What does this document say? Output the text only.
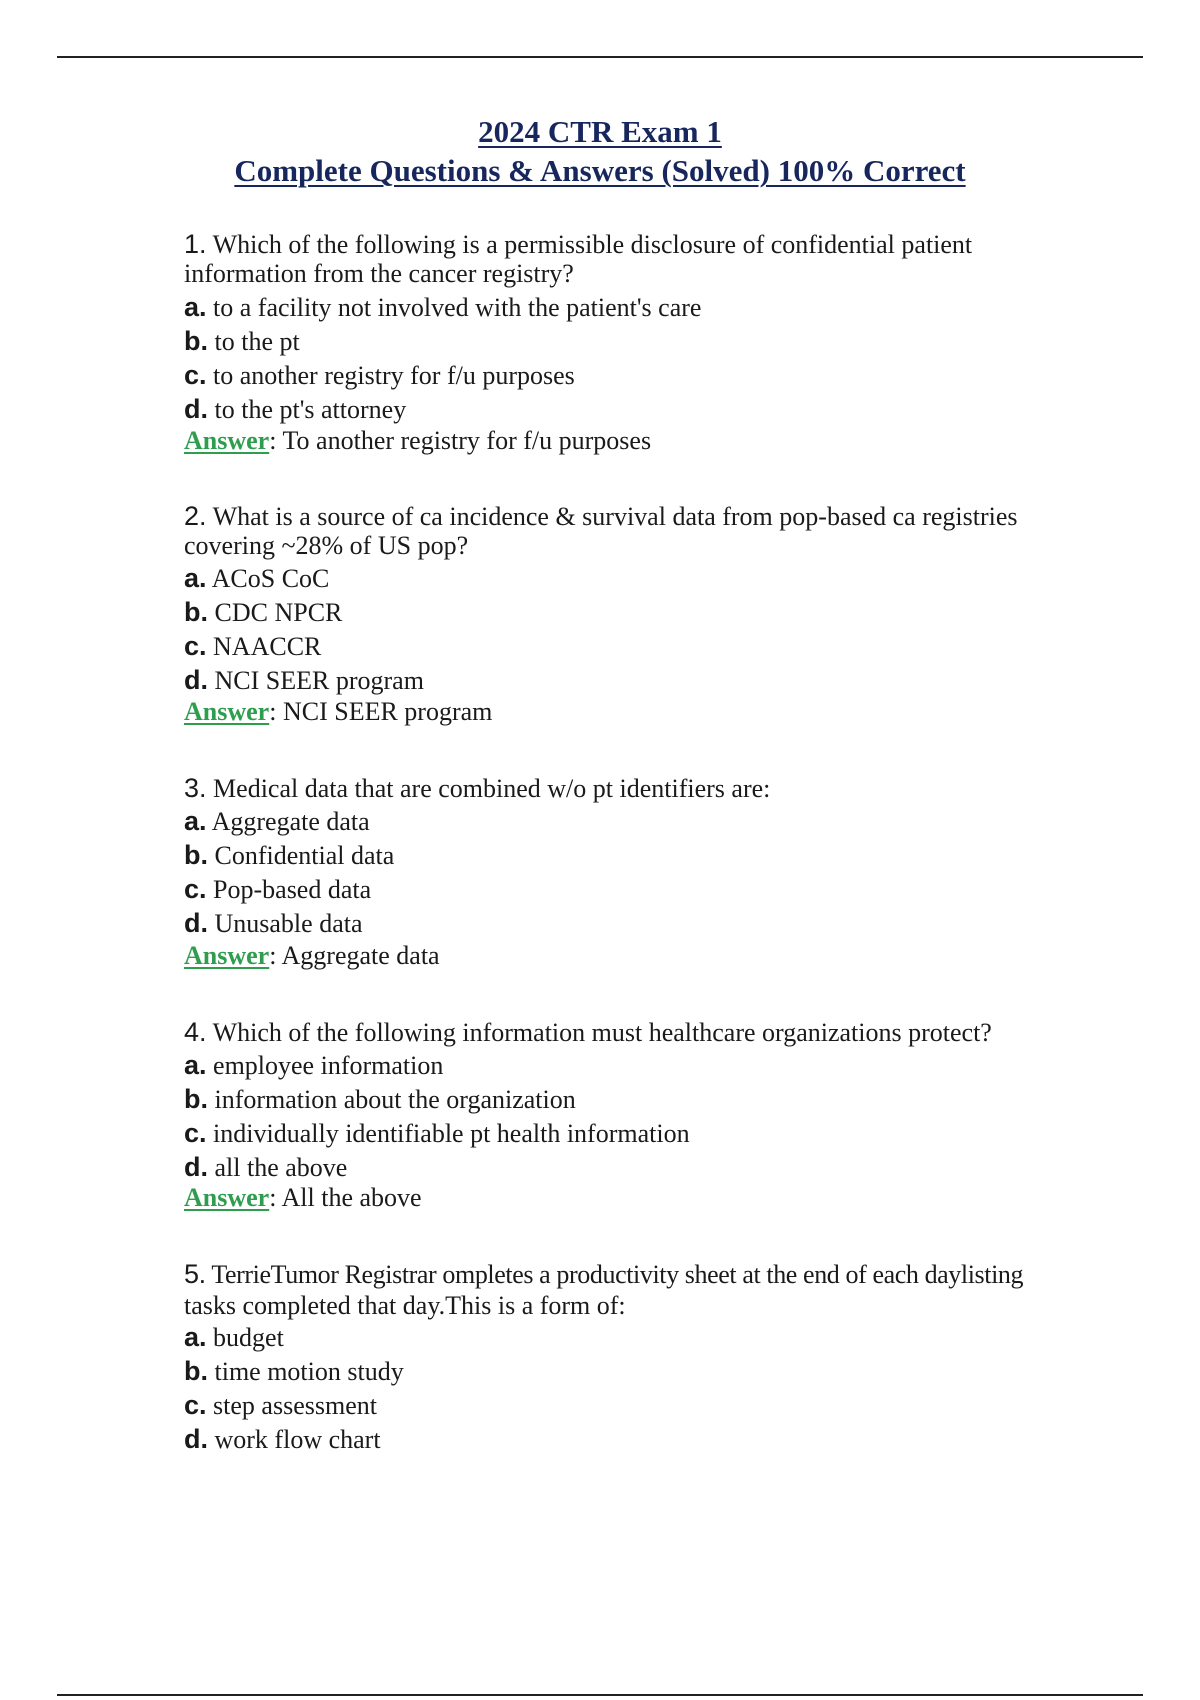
2024 CTR Exam 1
Complete Questions & Answers (Solved) 100% Correct
1. Which of the following is a permissible disclosure of confidential patient
information from the cancer registry?
a. to a facility not involved with the patient's care
b. to the pt
c. to another registry for f/u purposes
d. to the pt's attorney
Answer: To another registry for f/u purposes
2. What is a source of ca incidence & survival data from pop-based ca registries
covering ~28% of US pop?
a. ACoS CoC
b. CDC NPCR
c. NAACCR
d. NCI SEER program
Answer: NCI SEER program
3. Medical data that are combined w/o pt identifiers are:
a. Aggregate data
b. Confidential data
c. Pop-based data
d. Unusable data
Answer: Aggregate data
4. Which of the following information must healthcare organizations protect?
a. employee information
b. information about the organization
c. individually identifiable pt health information
d. all the above
Answer: All the above
5. TerrieTumor Registrar ompletes a productivity sheet at the end of each daylisting
tasks completed that day.This is a form of:
a. budget
b. time motion study
c. step assessment
d. work flow chart
